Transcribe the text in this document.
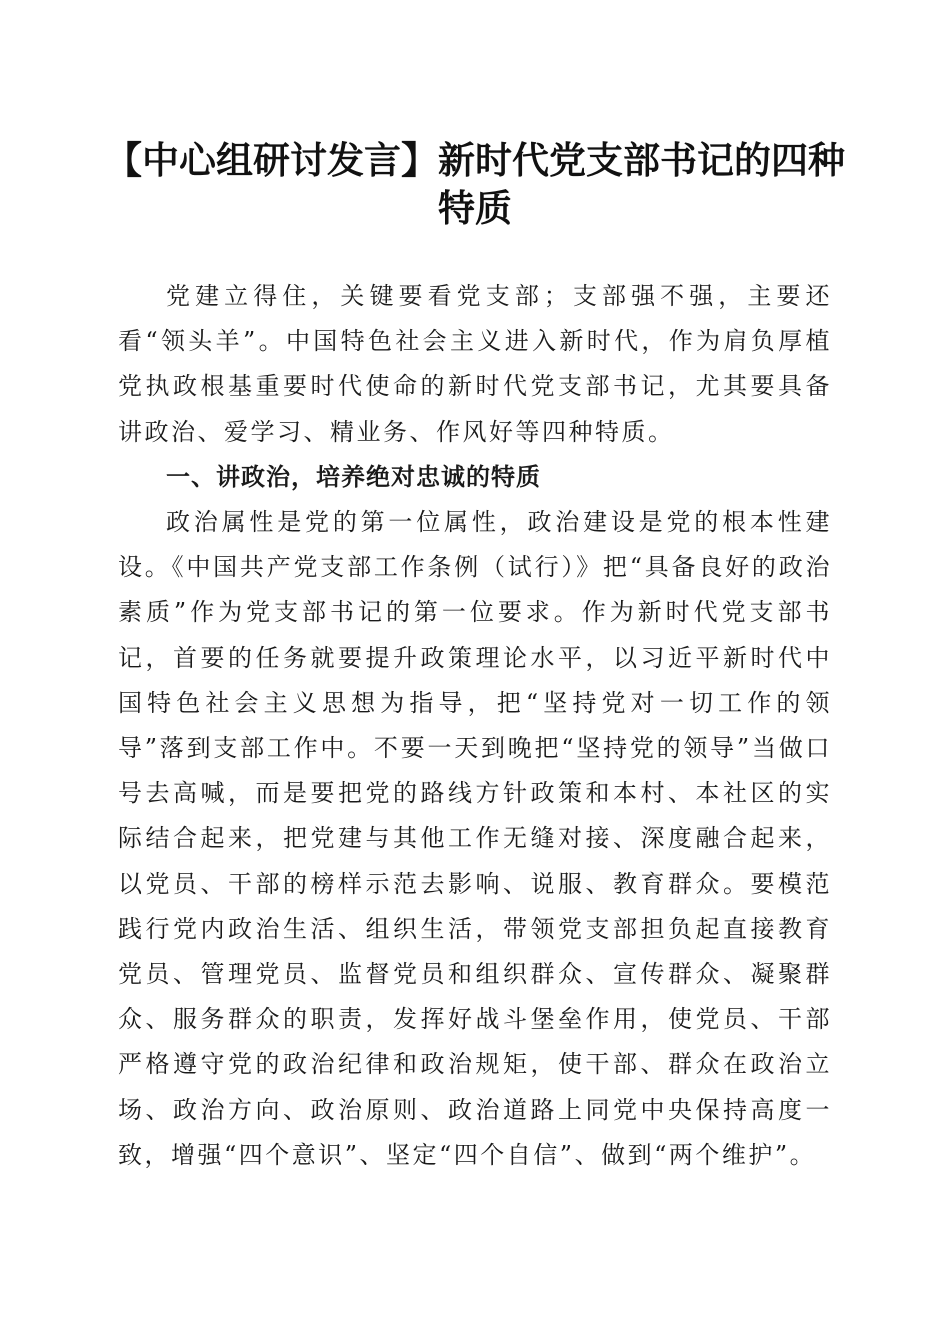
【中心组研讨发言】新时代党支部书记的四种特质

党建立得住，关键要看党支部；支部强不强，主要还看“领头羊”。中国特色社会主义进入新时代，作为肩负厚植党执政根基重要时代使命的新时代党支部书记，尤其要具备讲政治、爱学习、精业务、作风好等四种特质。

一、讲政治，培养绝对忠诚的特质

政治属性是党的第一位属性，政治建设是党的根本性建设。《中国共产党支部工作条例（试行）》把“具备良好的政治素质”作为党支部书记的第一位要求。作为新时代党支部书记，首要的任务就要提升政策理论水平，以习近平新时代中国特色社会主义思想为指导，把“坚持党对一切工作的领导”落到支部工作中。不要一天到晚把“坚持党的领导”当做口号去高喊，而是要把党的路线方针政策和本村、本社区的实际结合起来，把党建与其他工作无缝对接、深度融合起来，以党员、干部的榜样示范去影响、说服、教育群众。要模范践行党内政治生活、组织生活，带领党支部担负起直接教育党员、管理党员、监督党员和组织群众、宣传群众、凝聚群众、服务群众的职责，发挥好战斗堡垒作用，使党员、干部严格遵守党的政治纪律和政治规矩，使干部、群众在政治立场、政治方向、政治原则、政治道路上同党中央保持高度一致，增强“四个意识”、坚定“四个自信”、做到“两个维护”。
